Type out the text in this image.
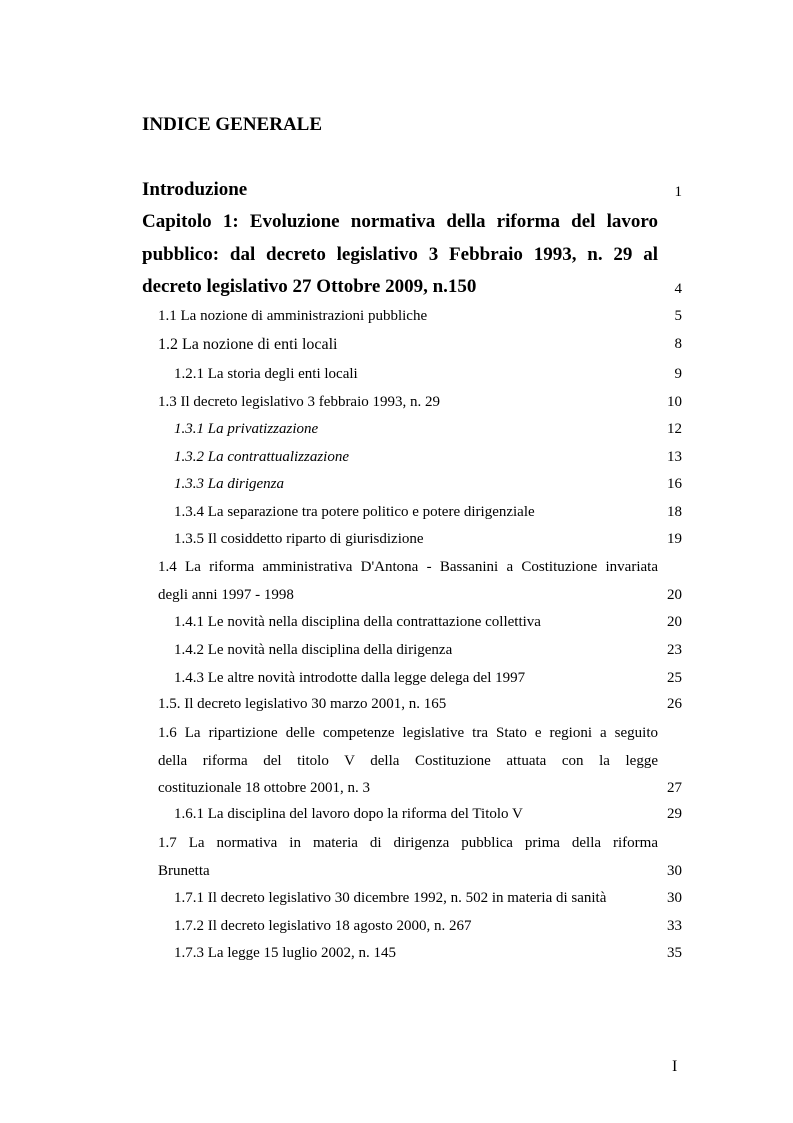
INDICE GENERALE
Introduzione	1
Capitolo 1: Evoluzione normativa della riforma del lavoro
pubblico: dal decreto legislativo 3 Febbraio 1993, n. 29 al
decreto legislativo 27 Ottobre 2009, n.150	4
1.1 La nozione di amministrazioni pubbliche	5
1.2 La nozione di enti locali	8
1.2.1 La storia degli enti locali	9
1.3 Il decreto legislativo 3 febbraio 1993, n. 29	10
1.3.1 La privatizzazione	12
1.3.2 La contrattualizzazione	13
1.3.3 La dirigenza	16
1.3.4 La separazione tra potere politico e potere dirigenziale	18
1.3.5 Il cosiddetto riparto di giurisdizione	19
1.4 La riforma amministrativa D'Antona - Bassanini a Costituzione invariata
degli anni 1997 - 1998	20
1.4.1 Le novità nella disciplina della contrattazione collettiva	20
1.4.2 Le novità nella disciplina della dirigenza	23
1.4.3 Le altre novità introdotte dalla legge delega del 1997	25
1.5. Il decreto legislativo 30 marzo 2001, n. 165	26
1.6 La ripartizione delle competenze legislative tra Stato e regioni a seguito
della riforma del titolo V della Costituzione attuata con la legge
costituzionale 18 ottobre 2001, n. 3	27
1.6.1 La disciplina del lavoro dopo la riforma del Titolo V	29
1.7 La normativa in materia di dirigenza pubblica prima della riforma
Brunetta	30
1.7.1 Il decreto legislativo 30 dicembre 1992, n. 502 in materia di sanità	30
1.7.2 Il decreto legislativo 18 agosto 2000, n. 267	33
1.7.3 La legge 15 luglio 2002, n. 145	35
I
